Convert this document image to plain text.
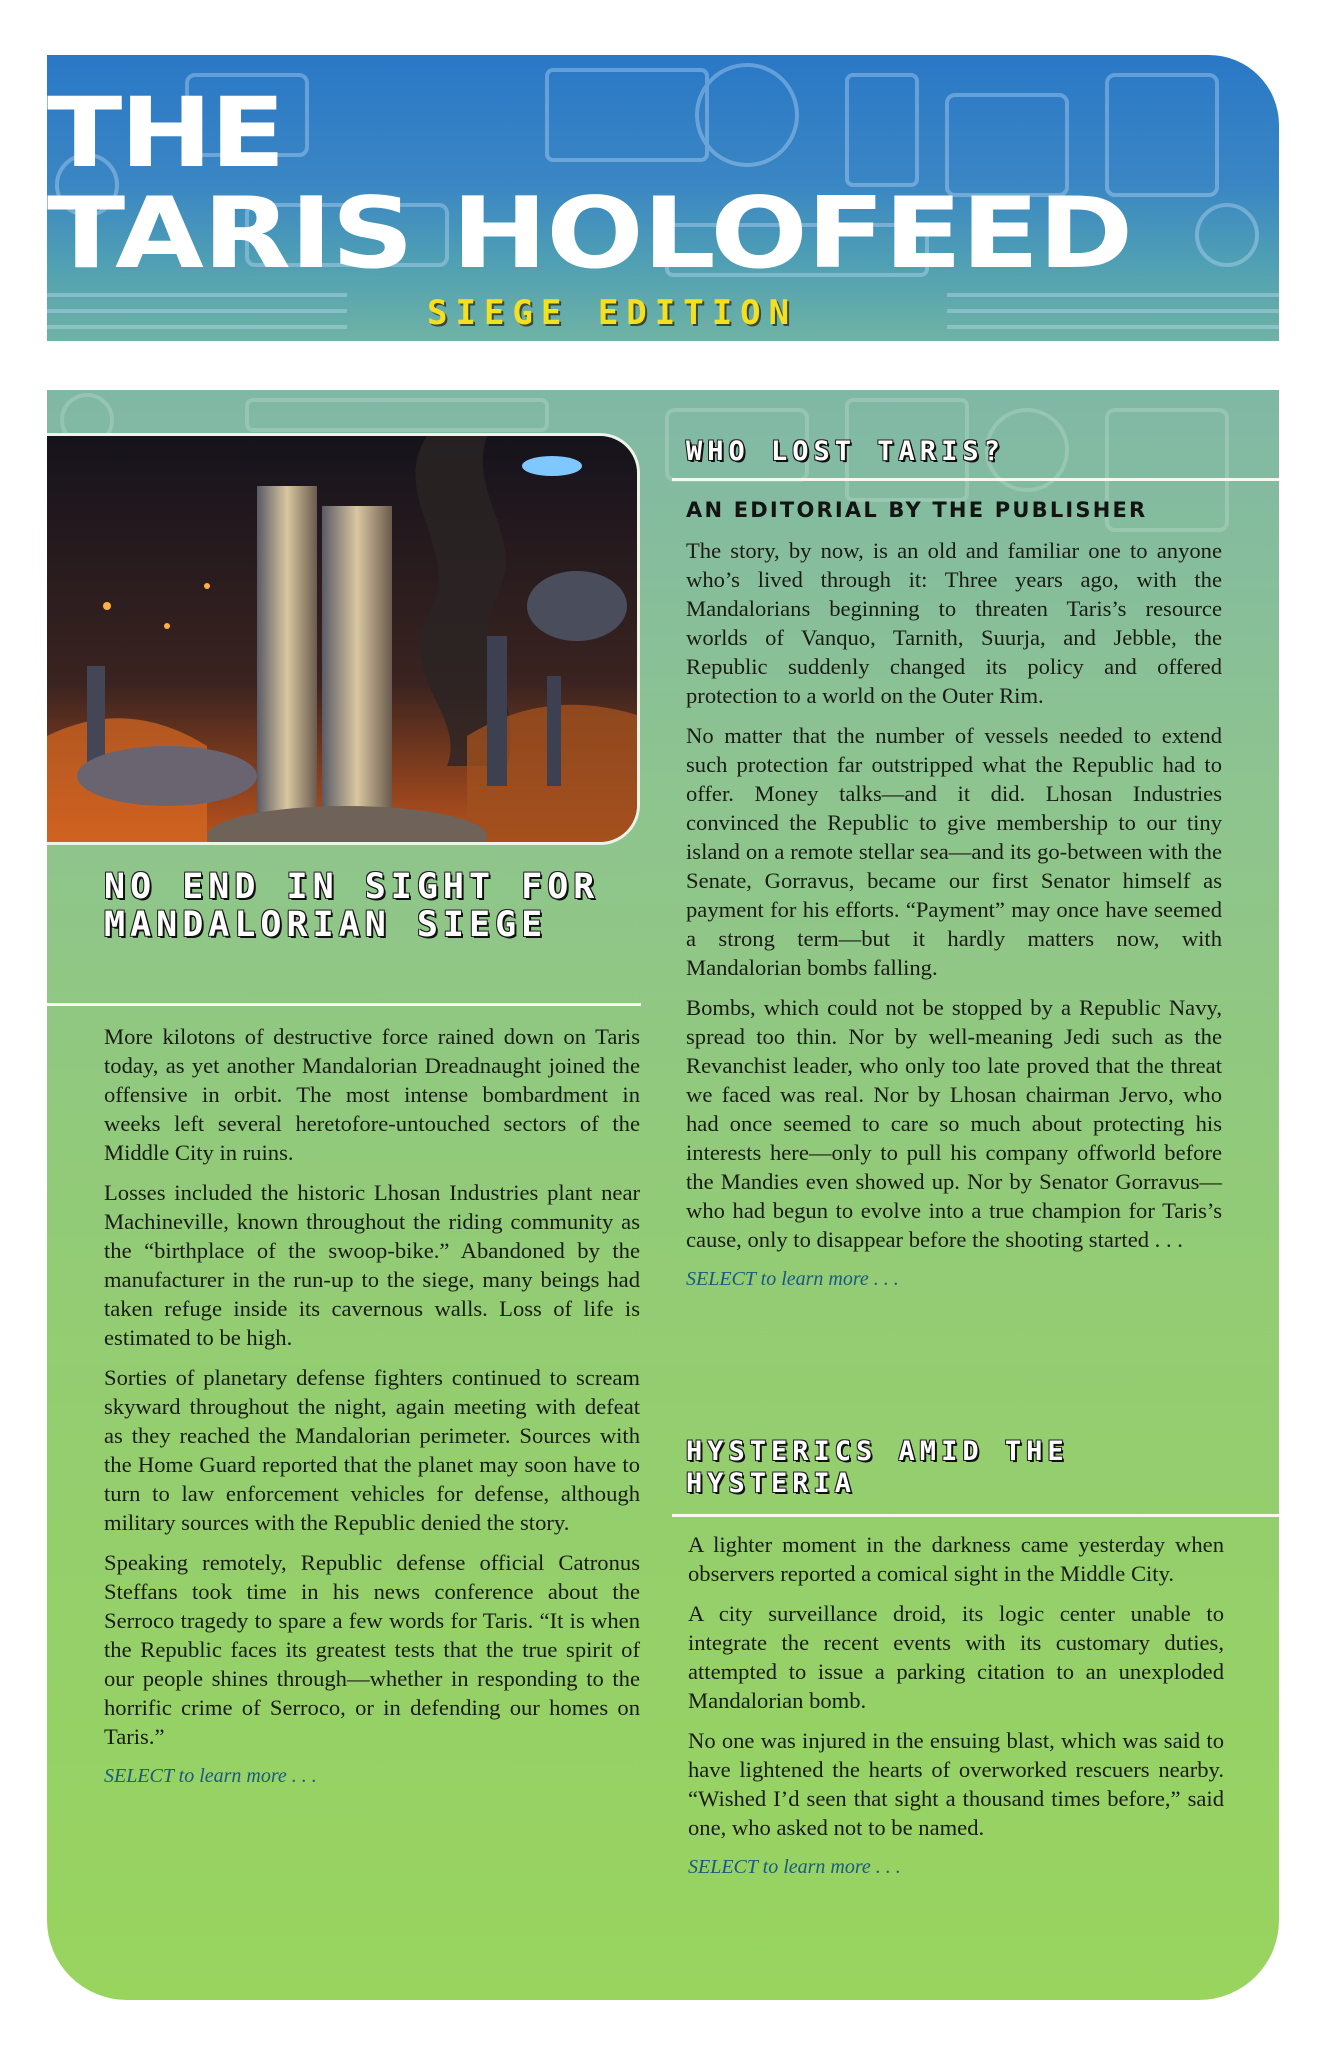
THE
TARIS HOLOFEED
SIEGE EDITION
NO END IN SIGHT FOR MANDALORIAN SIEGE

More kilotons of destructive force rained down on Taris today, as yet another Mandalorian Dreadnaught joined the offensive in orbit. The most intense bombardment in weeks left several heretofore-untouched sectors of the Middle City in ruins.

Losses included the historic Lhosan Industries plant near Machineville, known throughout the riding community as the “birthplace of the swoop-bike.” Abandoned by the manufacturer in the run-up to the siege, many beings had taken refuge inside its cavernous walls. Loss of life is estimated to be high.

Sorties of planetary defense fighters continued to scream skyward throughout the night, again meeting with defeat as they reached the Mandalorian perimeter. Sources with the Home Guard reported that the planet may soon have to turn to law enforcement vehicles for defense, although military sources with the Republic denied the story.

Speaking remotely, Republic defense official Catronus Steffans took time in his news conference about the Serroco tragedy to spare a few words for Taris. “It is when the Republic faces its greatest tests that the true spirit of our people shines through—whether in responding to the horrific crime of Serroco, or in defending our homes on Taris.”

SELECT to learn more . . .
WHO LOST TARIS?
AN EDITORIAL BY THE PUBLISHER

The story, by now, is an old and familiar one to anyone who’s lived through it: Three years ago, with the Mandalorians beginning to threaten Taris’s resource worlds of Vanquo, Tarnith, Suurja, and Jebble, the Republic suddenly changed its policy and offered protection to a world on the Outer Rim.

No matter that the number of vessels needed to extend such protection far outstripped what the Republic had to offer. Money talks—and it did. Lhosan Industries convinced the Republic to give membership to our tiny island on a remote stellar sea—and its go-between with the Senate, Gorravus, became our first Senator himself as payment for his efforts. “Payment” may once have seemed a strong term—but it hardly matters now, with Mandalorian bombs falling.

Bombs, which could not be stopped by a Republic Navy, spread too thin. Nor by well-meaning Jedi such as the Revanchist leader, who only too late proved that the threat we faced was real. Nor by Lhosan chairman Jervo, who had once seemed to care so much about protecting his interests here—only to pull his company offworld before the Mandies even showed up. Nor by Senator Gorravus—who had begun to evolve into a true champion for Taris’s cause, only to disappear before the shooting started . . .

SELECT to learn more . . .
HYSTERICS AMID THE HYSTERIA

A lighter moment in the darkness came yesterday when observers reported a comical sight in the Middle City.

A city surveillance droid, its logic center unable to integrate the recent events with its customary duties, attempted to issue a parking citation to an unexploded Mandalorian bomb.

No one was injured in the ensuing blast, which was said to have lightened the hearts of overworked rescuers nearby. “Wished I’d seen that sight a thousand times before,” said one, who asked not to be named.

SELECT to learn more . . .
